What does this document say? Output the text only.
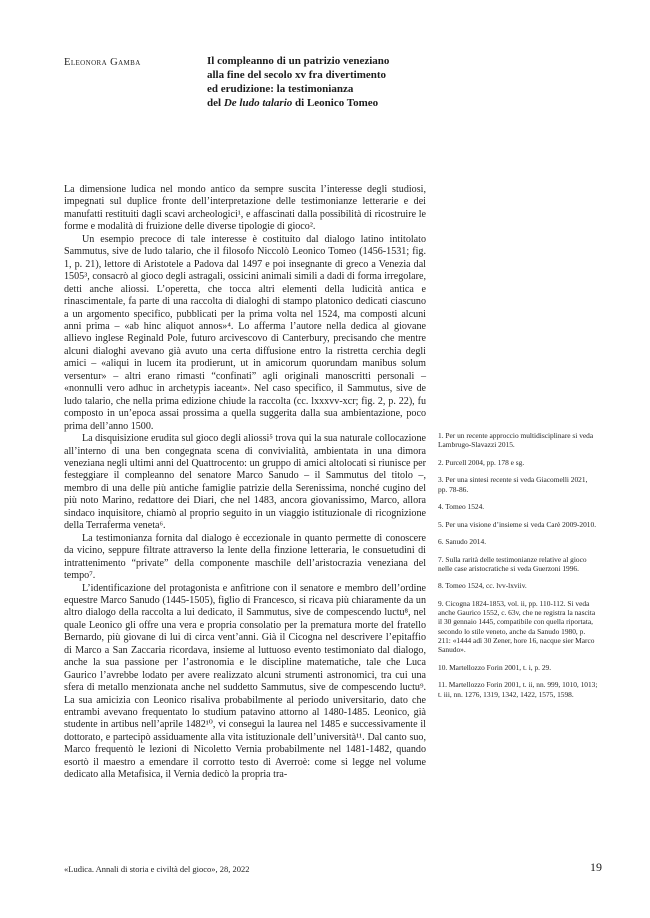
Eleonora Gamba	Il compleanno di un patrizio veneziano
alla fine del secolo xv fra divertimento
ed erudizione: la testimonianza
del De ludo talario di Leonico Tomeo

La dimensione ludica nel mondo antico da sempre suscita l’interesse degli studiosi, impegnati sul duplice fronte dell’interpretazione delle testimonianze letterarie e dei manufatti restituiti dagli scavi archeologici¹, e affascinati dalla possibilità di ricostruire le forme e modalità di fruizione delle diverse tipologie di gioco².

Un esempio precoce di tale interesse è costituito dal dialogo latino intitolato Sammutus, sive de ludo talario, che il filosofo Niccolò Leonico Tomeo (1456-1531; fig. 1, p. 21), lettore di Aristotele a Padova dal 1497 e poi insegnante di greco a Venezia dal 1505³, consacrò al gioco degli astragali, ossicini animali simili a dadi di forma irregolare, detti anche aliossi. L’operetta, che tocca altri elementi della ludicità antica e rinascimentale, fa parte di una raccolta di dialoghi di stampo platonico dedicati ciascuno a un argomento specifico, pubblicati per la prima volta nel 1524, ma composti alcuni anni prima – «ab hinc aliquot annos»⁴. Lo afferma l’autore nella dedica al giovane allievo inglese Reginald Pole, futuro arcivescovo di Canterbury, precisando che mentre alcuni dialoghi avevano già avuto una certa diffusione entro la ristretta cerchia degli amici – «aliqui in lucem ita prodierunt, ut in amicorum quorundam manibus solum versentur» – altri erano rimasti “confinati” agli originali manoscritti personali – «nonnulli vero adhuc in archetypis iaceant». Nel caso specifico, il Sammutus, sive de ludo talario, che nella prima edizione chiude la raccolta (cc. lxxxvv-xcr; fig. 2, p. 22), fu composto in un’epoca assai prossima a quella suggerita dalla sua ambientazione, poco prima dell’anno 1500.

La disquisizione erudita sul gioco degli aliossi⁵ trova qui la sua naturale collocazione all’interno di una ben congegnata scena di convivialità, ambientata in una dimora veneziana negli ultimi anni del Quattrocento: un gruppo di amici altolocati si riunisce per festeggiare il compleanno del senatore Marco Sanudo – il Sammutus del titolo –, membro di una delle più antiche famiglie patrizie della Serenissima, nonché cugino del più noto Marino, redattore dei Diari, che nel 1483, ancora giovanissimo, Marco, allora sindaco inquisitore, chiamò al proprio seguito in un viaggio istituzionale di ricognizione della Terraferma veneta⁶.

La testimonianza fornita dal dialogo è eccezionale in quanto permette di conoscere da vicino, seppure filtrate attraverso la lente della finzione letteraria, le consuetudini di intrattenimento “private” della componente maschile dell’aristocrazia veneziana del tempo⁷.

L’identificazione del protagonista e anfitrione con il senatore e membro dell’ordine equestre Marco Sanudo (1445-1505), figlio di Francesco, si ricava più chiaramente da un altro dialogo della raccolta a lui dedicato, il Sammutus, sive de compescendo luctu⁸, nel quale Leonico gli offre una vera e propria consolatio per la prematura morte del fratello Bernardo, più giovane di lui di circa vent’anni. Già il Cicogna nel descrivere l’epitaffio di Marco a San Zaccaria ricordava, insieme al luttuoso evento testimoniato dal dialogo, anche la sua passione per l’astronomia e le discipline matematiche, tale che Luca Gaurico l’avrebbe lodato per avere realizzato alcuni strumenti astronomici, tra cui una sfera di metallo menzionata anche nel suddetto Sammutus, sive de compescendo luctu⁹. La sua amicizia con Leonico risaliva probabilmente al periodo universitario, dato che entrambi avevano frequentato lo studium patavino attorno al 1480-1485. Leonico, già studente in artibus nell’aprile 1482¹⁰, vi conseguì la laurea nel 1485 e successivamente il dottorato, e partecipò assiduamente alla vita istituzionale dell’università¹¹. Dal canto suo, Marco frequentò le lezioni di Nicoletto Vernia probabilmente nel 1481-1482, quando esortò il maestro a emendare il corrotto testo di Averroè: come si legge nel volume dedicato alla Metafisica, il Vernia dedicò la propria tra-

1. Per un recente approccio multidisciplinare si veda Lambrugo-Slavazzi 2015.

2. Purcell 2004, pp. 178 e sg.

3. Per una sintesi recente si veda Giacomelli 2021, pp. 78-86.

4. Tomeo 1524.

5. Per una visione d’insieme si veda Carè 2009-2010.

6. Sanudo 2014.

7. Sulla rarità delle testimonianze relative al gioco nelle case aristocratiche si veda Guerzoni 1996.

8. Tomeo 1524, cc. lvv-lxviiv.

9. Cicogna 1824-1853, vol. ii, pp. 110-112. Si veda anche Gaurico 1552, c. 63v, che ne registra la nascita il 30 gennaio 1445, compatibile con quella riportata, secondo lo stile veneto, anche da Sanudo 1980, p. 211: «1444 adì 30 Zener, hore 16, nacque sier Marco Sanudo».

10. Martellozzo Forin 2001, t. i, p. 29.

11. Martellozzo Forin 2001, t. ii, nn. 999, 1010, 1013; t. iii, nn. 1276, 1319, 1342, 1422, 1575, 1598.

«Ludica. Annali di storia e civiltà del gioco», 28, 2022	19
